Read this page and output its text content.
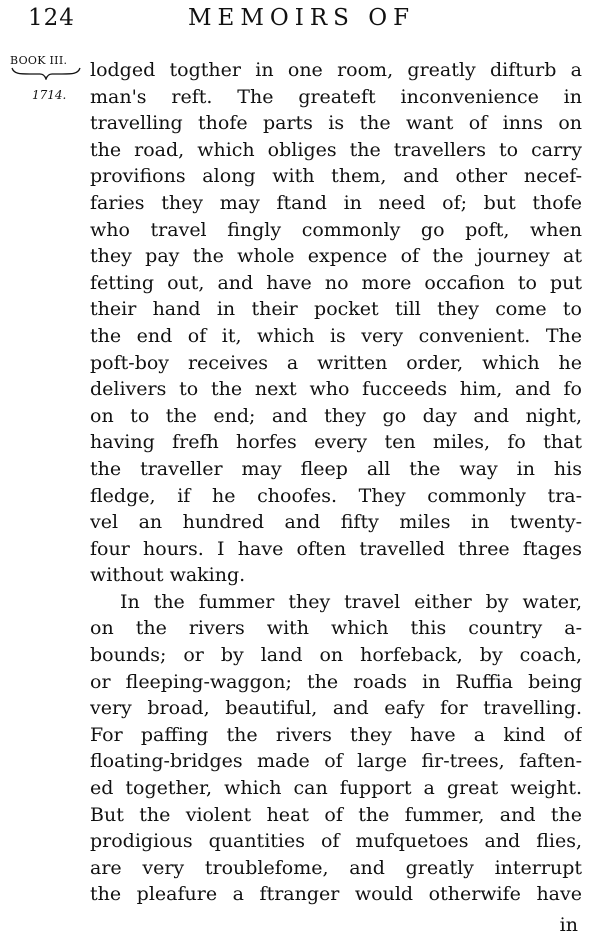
124	MEMOIRS OF
BOOK III.
1714.
lodged togther in one room, greatly difturb a
man's reft. The greateft inconvenience in
travelling thofe parts is the want of inns on
the road, which obliges the travellers to carry
provifions along with them, and other necef-
faries they may ftand in need of; but thofe
who travel fingly commonly go poft, when
they pay the whole expence of the journey at
fetting out, and have no more occafion to put
their hand in their pocket till they come to
the end of it, which is very convenient. The
poft-boy receives a written order, which he
delivers to the next who fucceeds him, and fo
on to the end; and they go day and night,
having frefh horfes every ten miles, fo that
the traveller may fleep all the way in his
fledge, if he choofes. They commonly tra-
vel an hundred and fifty miles in twenty-
four hours. I have often travelled three ftages
without waking.
In the fummer they travel either by water,
on the rivers with which this country a-
bounds; or by land on horfeback, by coach,
or fleeping-waggon; the roads in Ruffia being
very broad, beautiful, and eafy for travelling.
For paffing the rivers they have a kind of
floating-bridges made of large fir-trees, faften-
ed together, which can fupport a great weight.
But the violent heat of the fummer, and the
prodigious quantities of mufquetoes and flies,
are very troublefome, and greatly interrupt
the pleafure a ftranger would otherwife have
in
